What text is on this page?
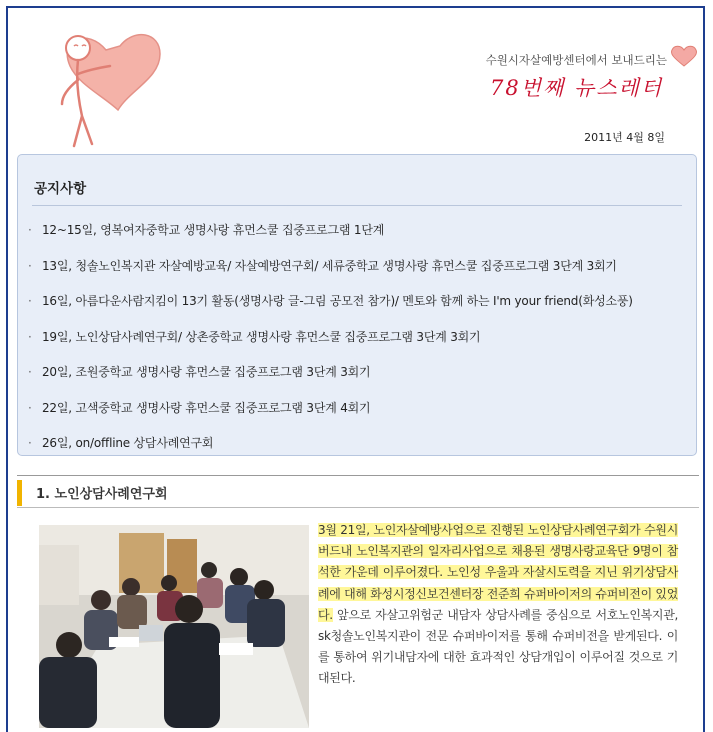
수원시자살예방센터에서 보내드리는
78번째 뉴스레터
2011년 4월 8일
공지사항
· 12~15일, 영복여자중학교 생명사랑 휴먼스쿨 집중프로그램 1단계
· 13일, 청솔노인복지관 자살예방교육/ 자살예방연구회/ 세류중학교 생명사랑 휴먼스쿨 집중프로그램 3단계 3회기
· 16일, 아름다운사람지킴이 13기 활동(생명사랑 글-그림 공모전 참가)/ 멘토와 함께 하는 I'm your friend(화성소풍)
· 19일, 노인상담사례연구회/ 상촌중학교 생명사랑 휴먼스쿨 집중프로그램 3단계 3회기
· 20일, 조원중학교 생명사랑 휴먼스쿨 집중프로그램 3단계 3회기
· 22일, 고색중학교 생명사랑 휴먼스쿨 집중프로그램 3단계 4회기
· 26일, on/offline 상담사례연구회
1. 노인상담사례연구회
3월 21일, 노인자살예방사업으로 진행된 노인상담사례연구회가 수원시 버드내 노인복지관의 일자리사업으로 채용된 생명사랑교육단 9명이 참석한 가운데 이루어졌다. 노인성 우울과 자살시도력을 지닌 위기상담사례에 대해 화성시정신보건센터장 전준희 슈퍼바이저의 슈퍼비전이 있었다. 앞으로 자살고위험군 내담자 상담사례를 중심으로 서호노인복지관, sk청솔노인복지관이 전문 슈퍼바이저를 통해 슈퍼비전을 받게된다. 이를 통하여 위기내담자에 대한 효과적인 상담개입이 이루어질 것으로 기대된다.
